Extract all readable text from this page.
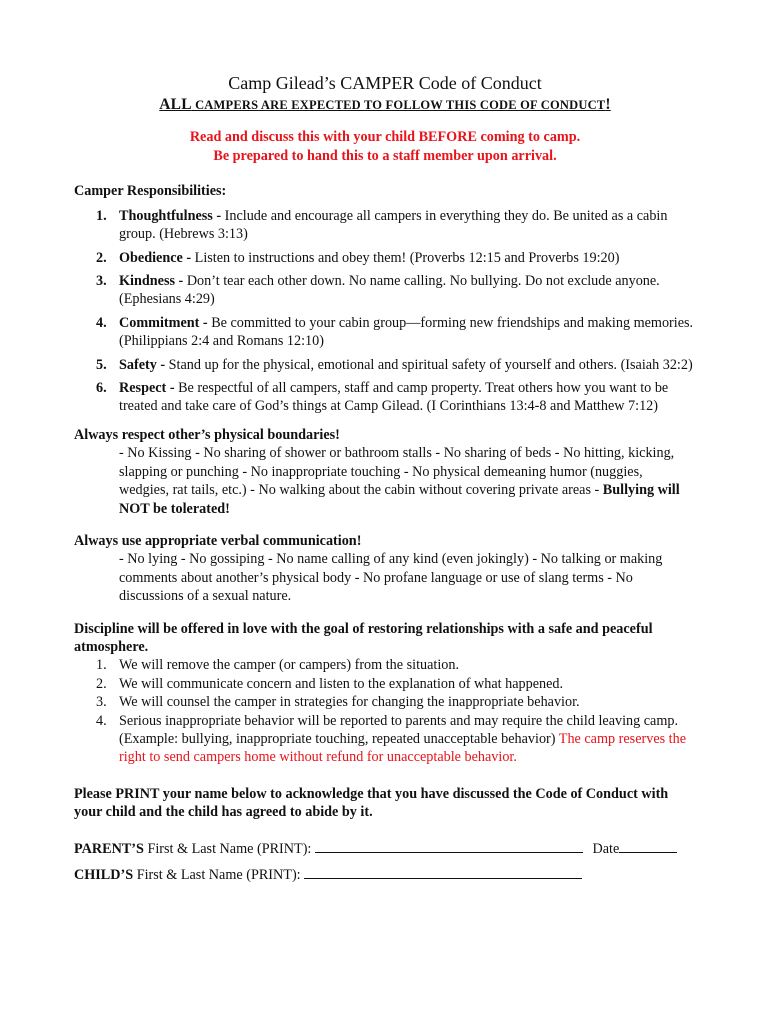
Camp Gilead’s CAMPER Code of Conduct
ALL CAMPERS ARE EXPECTED TO FOLLOW THIS CODE OF CONDUCT!
Read and discuss this with your child BEFORE coming to camp.
Be prepared to hand this to a staff member upon arrival.
Camper Responsibilities:
1. Thoughtfulness - Include and encourage all campers in everything they do. Be united as a cabin group. (Hebrews 3:13)
2. Obedience - Listen to instructions and obey them! (Proverbs 12:15 and Proverbs 19:20)
3. Kindness - Don’t tear each other down. No name calling. No bullying. Do not exclude anyone. (Ephesians 4:29)
4. Commitment - Be committed to your cabin group—forming new friendships and making memories. (Philippians 2:4 and Romans 12:10)
5. Safety - Stand up for the physical, emotional and spiritual safety of yourself and others. (Isaiah 32:2)
6. Respect - Be respectful of all campers, staff and camp property. Treat others how you want to be treated and take care of God’s things at Camp Gilead. (I Corinthians 13:4-8 and Matthew 7:12)
Always respect other’s physical boundaries!
- No Kissing - No sharing of shower or bathroom stalls - No sharing of beds - No hitting, kicking, slapping or punching - No inappropriate touching - No physical demeaning humor (nuggies, wedgies, rat tails, etc.) - No walking about the cabin without covering private areas - Bullying will NOT be tolerated!
Always use appropriate verbal communication!
- No lying - No gossiping - No name calling of any kind (even jokingly) - No talking or making comments about another’s physical body - No profane language or use of slang terms - No discussions of a sexual nature.
Discipline will be offered in love with the goal of restoring relationships with a safe and peaceful atmosphere.
1. We will remove the camper (or campers) from the situation.
2. We will communicate concern and listen to the explanation of what happened.
3. We will counsel the camper in strategies for changing the inappropriate behavior.
4. Serious inappropriate behavior will be reported to parents and may require the child leaving camp. (Example: bullying, inappropriate touching, repeated unacceptable behavior) The camp reserves the right to send campers home without refund for unacceptable behavior.
Please PRINT your name below to acknowledge that you have discussed the Code of Conduct with your child and the child has agreed to abide by it.
PARENT’S First & Last Name (PRINT):	Date
CHILD’S First & Last Name (PRINT):
